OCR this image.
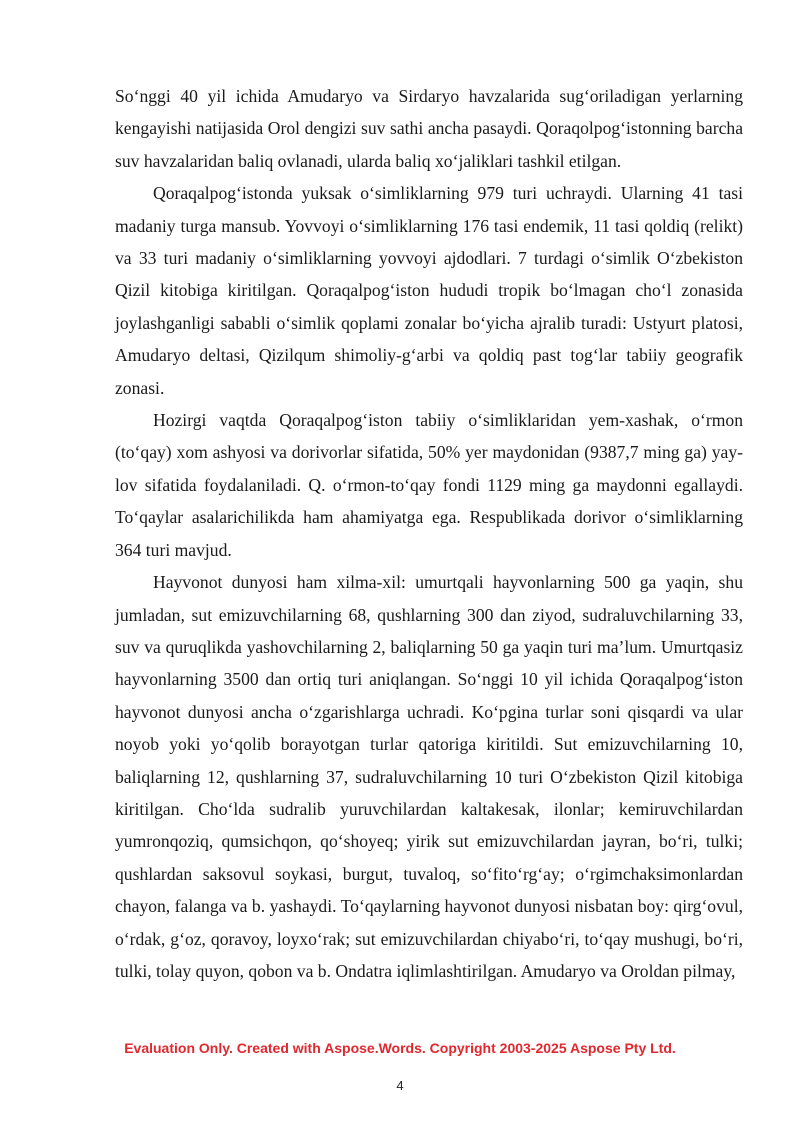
So‘nggi 40 yil ichida Amudaryo va Sirdaryo havzalarida sug‘oriladigan yerlarning kengayishi natijasida Orol dengizi suv sathi ancha pasaydi. Qoraqolpog‘istonning barcha suv havzalaridan baliq ovlanadi, ularda baliq xo‘jaliklari tashkil etilgan.

Qoraqalpog‘istonda yuksak o‘simliklarning 979 turi uchraydi. Ularning 41 tasi madaniy turga mansub. Yovvoyi o‘simliklarning 176 tasi endemik, 11 tasi qoldiq (relikt) va 33 turi madaniy o‘simliklarning yovvoyi ajdodlari. 7 turdagi o‘simlik O‘zbekiston Qizil kitobiga kiritilgan. Qoraqalpog‘iston hududi tropik bo‘lmagan cho‘l zonasida joylashganligi sababli o‘simlik qoplami zonalar bo‘yicha ajralib turadi: Ustyurt platosi, Amudaryo deltasi, Qizilqum shimoliy-g‘arbi va qoldiq past tog‘lar tabiiy geografik zonasi.

Hozirgi vaqtda Qoraqalpog‘iston tabiiy o‘simliklaridan yem-xashak, o‘rmon (to‘qay) xom ashyosi va dorivorlar sifatida, 50% yer maydonidan (9387,7 ming ga) yay-lov sifatida foydalaniladi. Q. o‘rmon-to‘qay fondi 1129 ming ga maydonni egallaydi. To‘qaylar asalarichilikda ham ahamiyatga ega. Respublikada dorivor o‘simliklarning 364 turi mavjud.

Hayvonot dunyosi ham xilma-xil: umurtqali hayvonlarning 500 ga yaqin, shu jumladan, sut emizuvchilarning 68, qushlarning 300 dan ziyod, sudraluvchilarning 33, suv va quruqlikda yashovchilarning 2, baliqlarning 50 ga yaqin turi ma’lum. Umurtqasiz hayvonlarning 3500 dan ortiq turi aniqlangan. So‘nggi 10 yil ichida Qoraqalpog‘iston hayvonot dunyosi ancha o‘zgarishlarga uchradi. Ko‘pgina turlar soni qisqardi va ular noyob yoki yo‘qolib borayotgan turlar qatoriga kiritildi. Sut emizuvchilarning 10, baliqlarning 12, qushlarning 37, sudraluvchilarning 10 turi O‘zbekiston Qizil kitobiga kiritilgan. Cho‘lda sudralib yuruvchilardan kaltakesak, ilonlar; kemiruvchilardan yumronqoziq, qumsichqon, qo‘shoyeq; yirik sut emizuvchilardan jayran, bo‘ri, tulki; qushlardan saksovul soykasi, burgut, tuvaloq, so‘fito‘rg‘ay; o‘rgimchaksimonlardan chayon, falanga va b. yashaydi. To‘qaylarning hayvonot dunyosi nisbatan boy: qirg‘ovul, o‘rdak, g‘oz, qoravoy, loyxo‘rak; sut emizuvchilardan chiyabo‘ri, to‘qay mushugi, bo‘ri, tulki, tolay quyon, qobon va b. Ondatra iqlimlashtirilgan. Amudaryo va Oroldan pilmay,

Evaluation Only. Created with Aspose.Words. Copyright 2003-2025 Aspose Pty Ltd.
4
